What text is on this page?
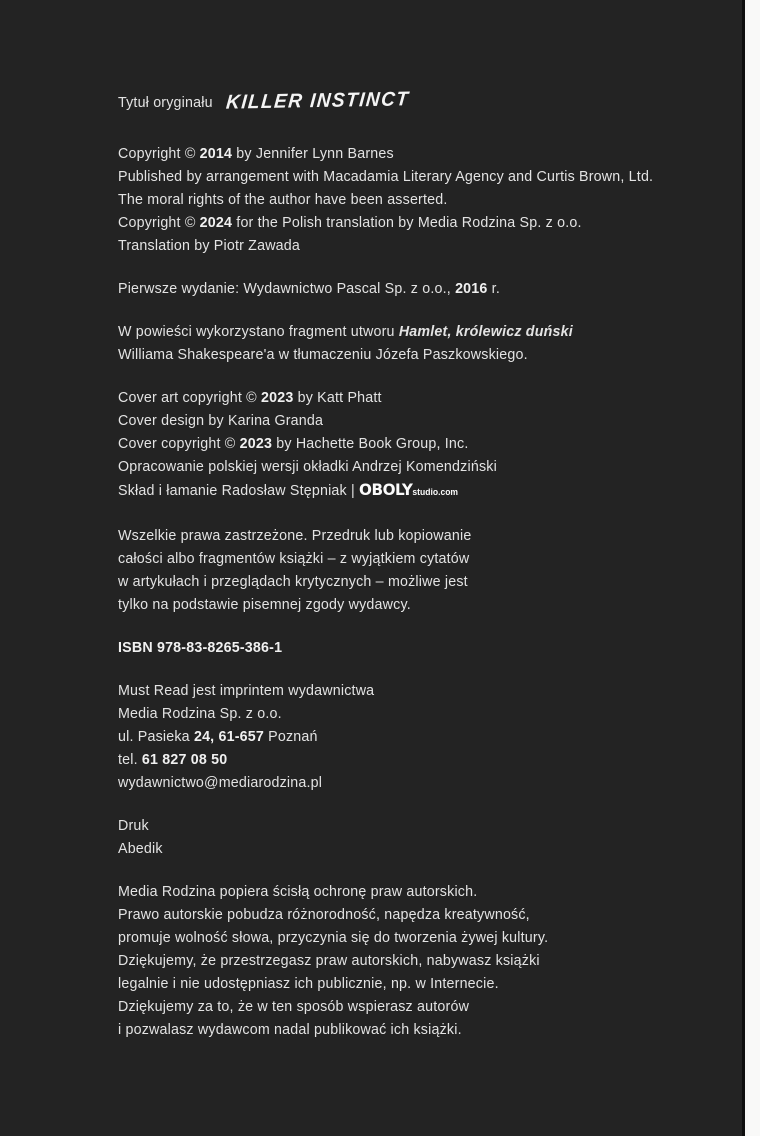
Tytuł oryginału KILLER INSTINCT

Copyright © 2014 by Jennifer Lynn Barnes
Published by arrangement with Macadamia Literary Agency and Curtis Brown, Ltd.
The moral rights of the author have been asserted.
Copyright © 2024 for the Polish translation by Media Rodzina Sp. z o.o.
Translation by Piotr Zawada

Pierwsze wydanie: Wydawnictwo Pascal Sp. z o.o., 2016 r.

W powieści wykorzystano fragment utworu Hamlet, królewicz duński
Williama Shakespeare'a w tłumaczeniu Józefa Paszkowskiego.

Cover art copyright © 2023 by Katt Phatt
Cover design by Karina Granda
Cover copyright © 2023 by Hachette Book Group, Inc.
Opracowanie polskiej wersji okładki Andrzej Komendziński
Skład i łamanie Radosław Stępniak | OBOLYstudio.com

Wszelkie prawa zastrzeżone. Przedruk lub kopiowanie
całości albo fragmentów książki – z wyjątkiem cytatów
w artykułach i przeglądach krytycznych – możliwe jest
tylko na podstawie pisemnej zgody wydawcy.

ISBN 978-83-8265-386-1

Must Read jest imprintem wydawnictwa
Media Rodzina Sp. z o.o.
ul. Pasieka 24, 61-657 Poznań
tel. 61 827 08 50
wydawnictwo@mediarodzina.pl

Druk
Abedik

Media Rodzina popiera ścisłą ochronę praw autorskich.
Prawo autorskie pobudza różnorodność, napędza kreatywność,
promuje wolność słowa, przyczynia się do tworzenia żywej kultury.
Dziękujemy, że przestrzegasz praw autorskich, nabywasz książki
legalnie i nie udostępniasz ich publicznie, np. w Internecie.
Dziękujemy za to, że w ten sposób wspierasz autorów
i pozwalasz wydawcom nadal publikować ich książki.
